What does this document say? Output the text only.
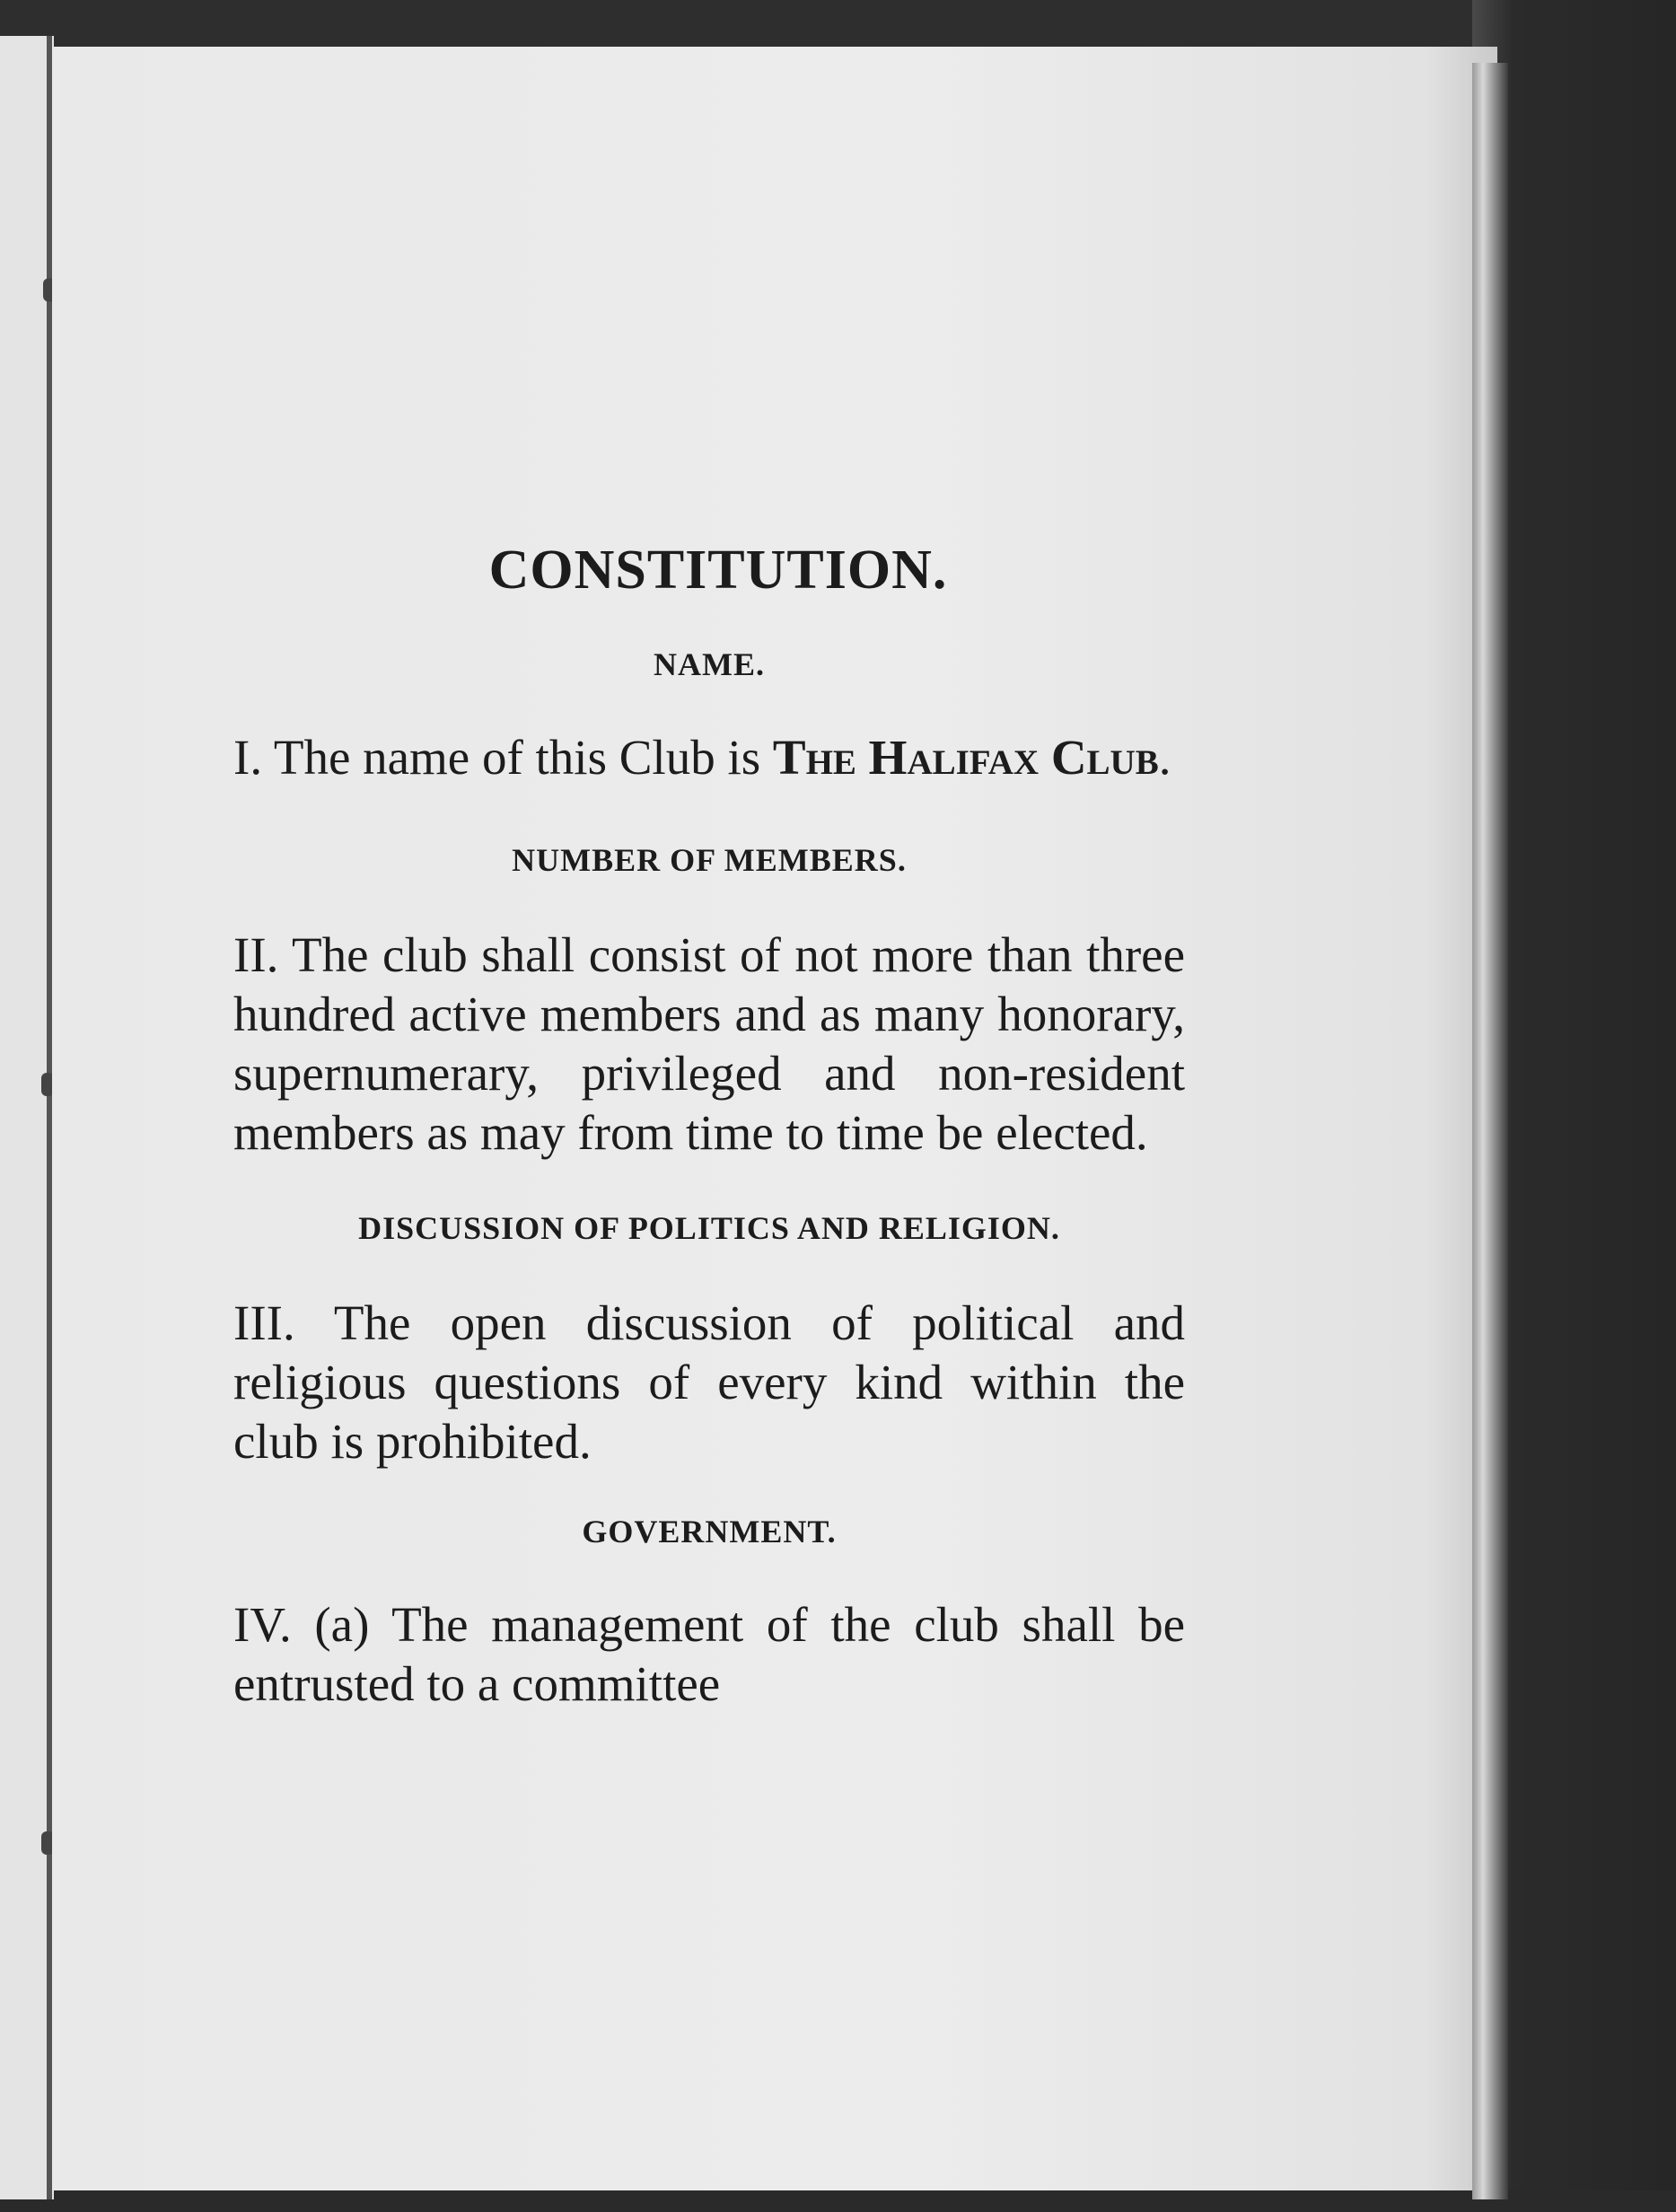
CONSTITUTION.
NAME.

I. The name of this Club is The Halifax Club.

NUMBER OF MEMBERS.

II. The club shall consist of not more than three hundred active members and as many honorary, supernumerary, privileged and non-resident members as may from time to time be elected.

DISCUSSION OF POLITICS AND RELIGION.

III. The open discussion of political and religious questions of every kind within the club is prohibited.

GOVERNMENT.

IV. (a) The management of the club shall be entrusted to a committee
